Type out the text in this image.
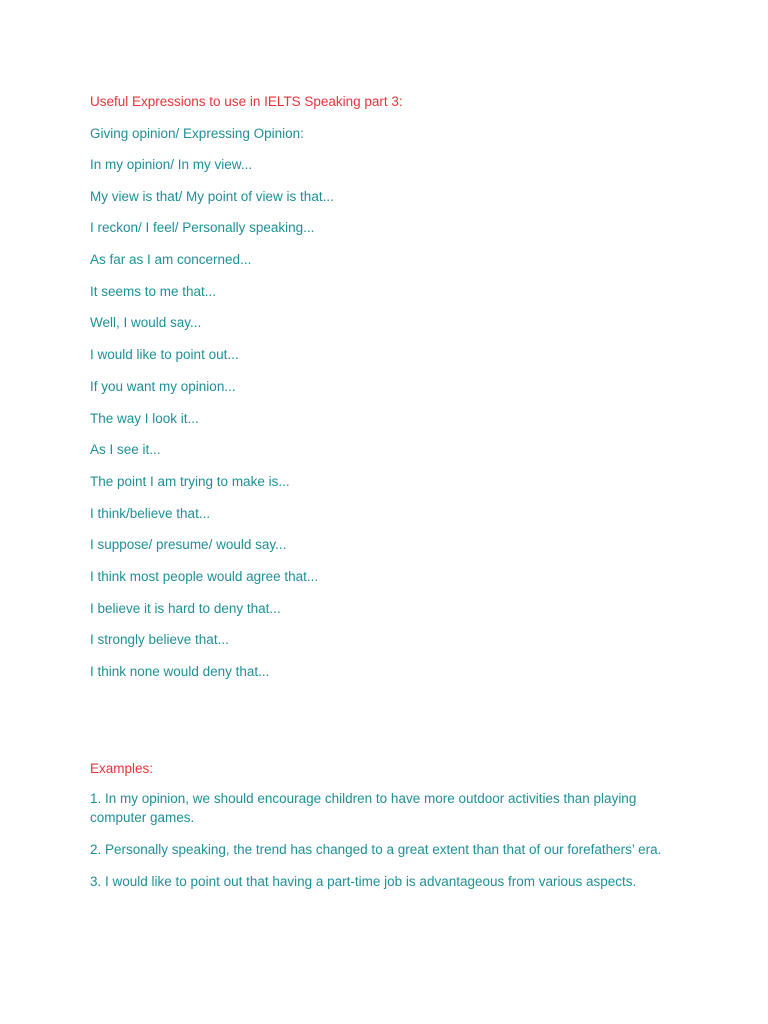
Useful Expressions to use in IELTS Speaking part 3:

Giving opinion/ Expressing Opinion:

In my opinion/ In my view...
My view is that/ My point of view is that...
I reckon/ I feel/ Personally speaking...
As far as I am concerned...
It seems to me that...
Well, I would say...
I would like to point out...
If you want my opinion...
The way I look it...
As I see it...
The point I am trying to make is...
I think/believe that...
I suppose/ presume/ would say...
I think most people would agree that...
I believe it is hard to deny that...
I strongly believe that...
I think none would deny that...

Examples:

1. In my opinion, we should encourage children to have more outdoor activities than playing computer games.
2. Personally speaking, the trend has changed to a great extent than that of our forefathers’ era.
3. I would like to point out that having a part-time job is advantageous from various aspects.
